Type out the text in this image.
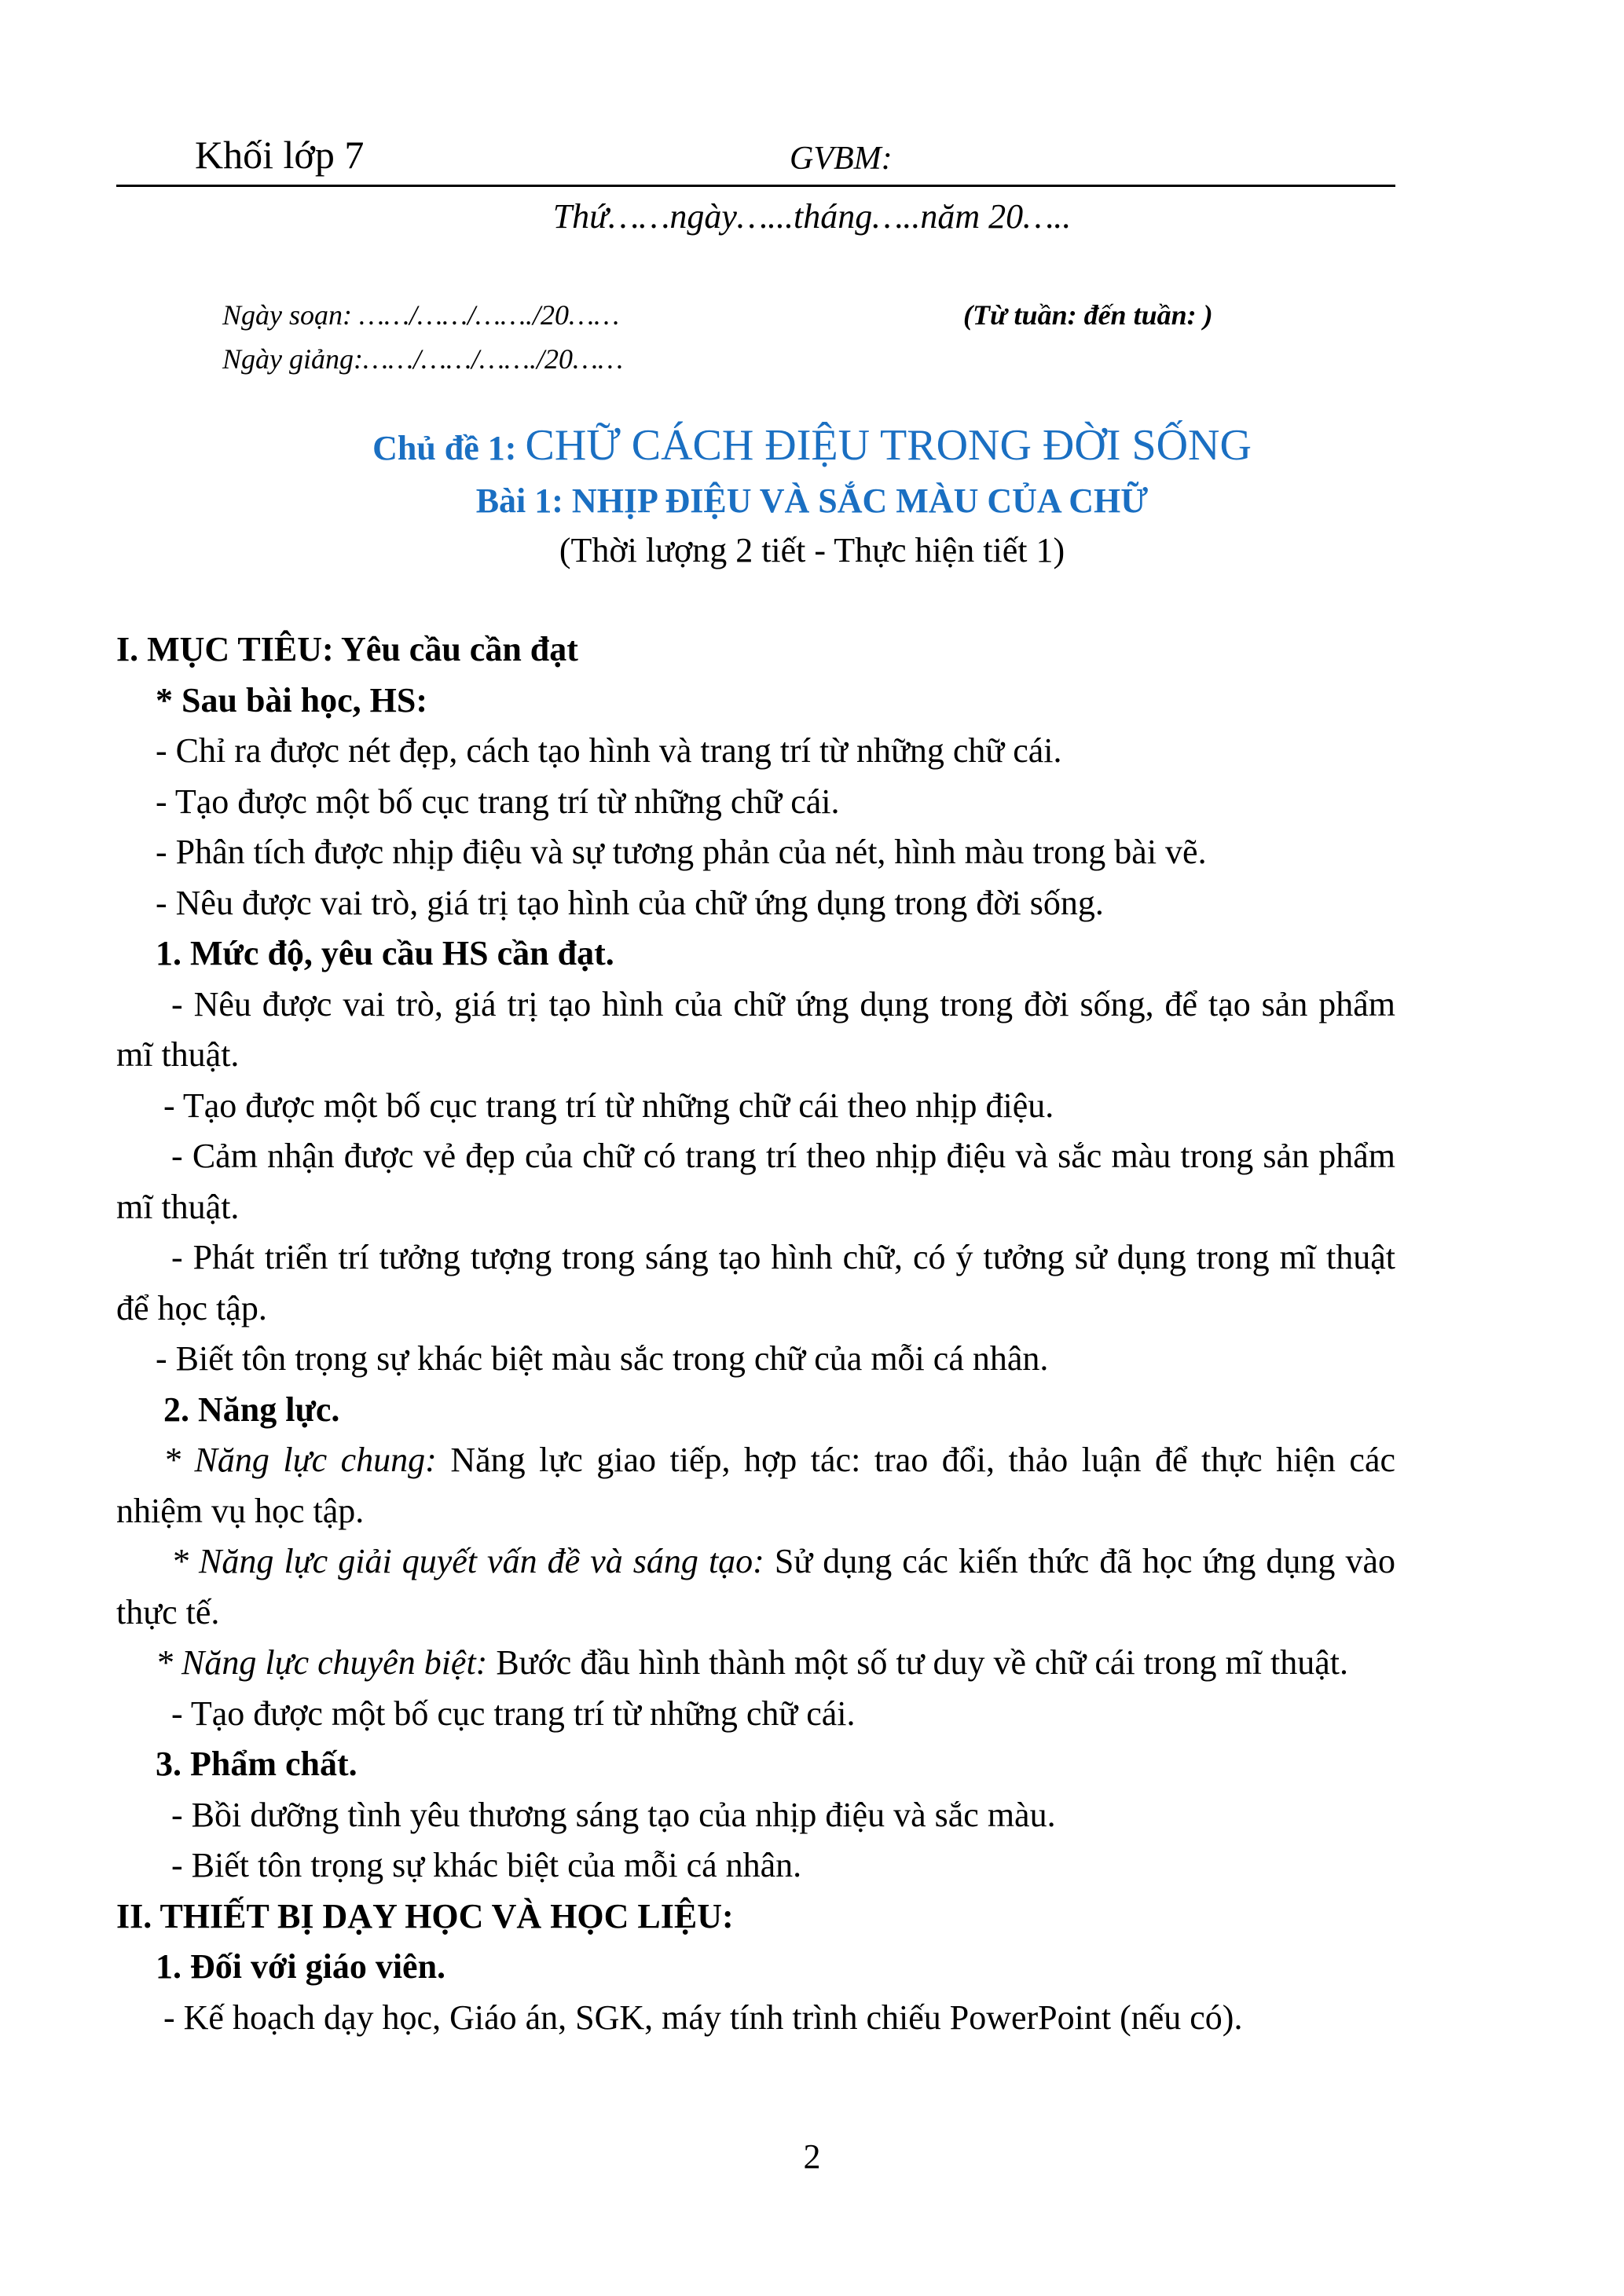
Khối lớp 7	GVBM:
Thứ……ngày…...tháng…..năm 20…..
Ngày soạn: ……/……/……./20……	(Từ tuần: đến tuần: )
Ngày giảng:……/……/……./20……
Chủ đề 1: CHỮ CÁCH ĐIỆU TRONG ĐỜI SỐNG
Bài 1: NHỊP ĐIỆU VÀ SẮC MÀU CỦA CHỮ
(Thời lượng 2 tiết - Thực hiện tiết 1)

I. MỤC TIÊU: Yêu cầu cần đạt

* Sau bài học, HS:

- Chỉ ra được nét đẹp, cách tạo hình và trang trí từ những chữ cái.

- Tạo được một bố cục trang trí từ những chữ cái.

- Phân tích được nhịp điệu và sự tương phản của nét, hình màu trong bài vẽ.

- Nêu được vai trò, giá trị tạo hình của chữ ứng dụng trong đời sống.

1. Mức độ, yêu cầu HS cần đạt.

- Nêu được vai trò, giá trị tạo hình của chữ ứng dụng trong đời sống, để tạo sản phẩm mĩ thuật.

- Tạo được một bố cục trang trí từ những chữ cái theo nhịp điệu.

- Cảm nhận được vẻ đẹp của chữ có trang trí theo nhịp điệu và sắc màu trong sản phẩm mĩ thuật.

- Phát triển trí tưởng tượng trong sáng tạo hình chữ, có ý tưởng sử dụng trong mĩ thuật để học tập.

- Biết tôn trọng sự khác biệt màu sắc trong chữ của mỗi cá nhân.

2. Năng lực.

* Năng lực chung: Năng lực giao tiếp, hợp tác: trao đổi, thảo luận để thực hiện các nhiệm vụ học tập.

* Năng lực giải quyết vấn đề và sáng tạo: Sử dụng các kiến thức đã học ứng dụng vào thực tế.

* Năng lực chuyên biệt: Bước đầu hình thành một số tư duy về chữ cái trong mĩ thuật.

- Tạo được một bố cục trang trí từ những chữ cái.

3. Phẩm chất.

- Bồi dưỡng tình yêu thương sáng tạo của nhịp điệu và sắc màu.

- Biết tôn trọng sự khác biệt của mỗi cá nhân.

II. THIẾT BỊ DẠY HỌC VÀ HỌC LIỆU:

1. Đối với giáo viên.

- Kế hoạch dạy học, Giáo án, SGK, máy tính trình chiếu PowerPoint (nếu có).

2
